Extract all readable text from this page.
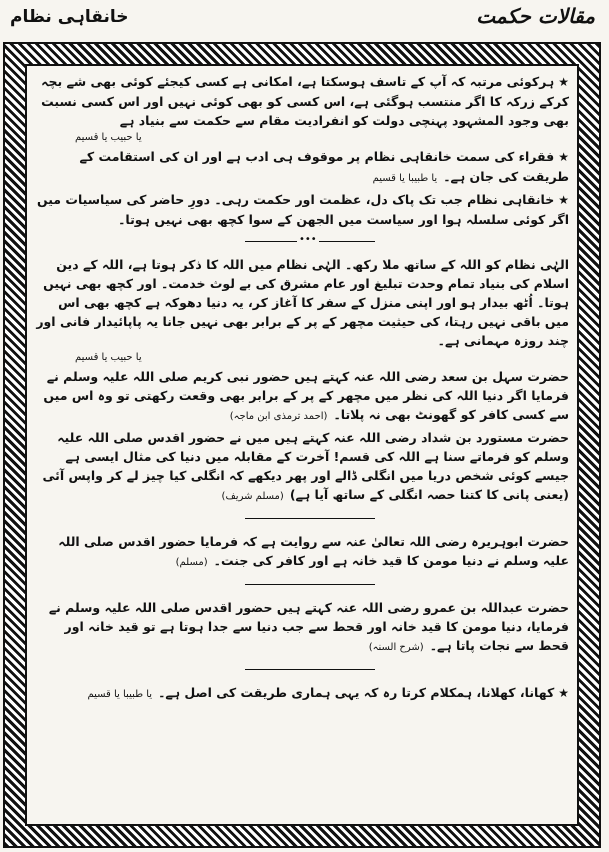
خانقاہی نظام	مقالات حکمت

★ہرکوئی مرتبہ کہ آپ کے تاسف ہوسکتا ہے، امکانی ہے کسی کیجئے کوئی بھی شے بچہ کرکے زرکہ کا اگر منتسب ہوگئی ہے، اس کسی کو بھی کوئی نہیں اور اس کسی نسبت بھی وجود المشہود پہنچی دولت کو انفرادیت مقام سے حکمت سے بنیاد ہے

یا حبیب یا قسیم

★فقراء کی سمت خانقاہی نظام پر موقوف ہی ادب ہے اور ان کی استقامت کے طریقت کی جان ہے۔یا طبیبا یا قسیم

★خانقاہی نظام جب تک پاک دل، عظمت اور حکمت رہی۔ دورِ حاضر کی سیاسیات میں اگر کوئی سلسلہ ہوا اور سیاست میں الجھن کے سوا کچھ بھی نہیں ہوتا۔

•••

الہٰی نظام کو اللہ کے ساتھ ملا رکھ۔ الہٰی نظام میں اللہ کا ذکر ہوتا ہے، اللہ کے دین اسلام کی بنیاد تمام وحدت تبلیغ اور عام مشرق کی بے لوث خدمت۔ اور کچھ بھی نہیں ہوتا۔ اُٹھ بیدار ہو اور اپنی منزل کے سفر کا آغاز کر، یہ دنیا دھوکہ ہے کچھ بھی اس میں باقی نہیں رہتا، کی حیثیت مچھر کے پر کے برابر بھی نہیں جانا یہ پاپائیدار فانی اور چند روزہ مہمانی ہے۔

یا حبیب یا قسیم

حضرت سہل بن سعد رضی اللہ عنہ کہتے ہیں حضور نبی کریم صلی اللہ علیہ وسلم نے فرمایا اگر دنیا اللہ کی نظر میں مچھر کے پر کے برابر بھی وقعت رکھتی تو وہ اس میں سے کسی کافر کو گھونٹ بھی نہ پلاتا۔(احمد ترمذی ابن ماجہ)

حضرت مستورد بن شداد رضی اللہ عنہ کہتے ہیں میں نے حضور اقدس صلی اللہ علیہ وسلم کو فرماتے سنا ہے اللہ کی قسم! آخرت کے مقابلہ میں دنیا کی مثال ایسی ہے جیسے کوئی شخص دریا میں انگلی ڈالے اور پھر دیکھے کہ انگلی کیا چیز لے کر واپس آئی (یعنی پانی کا کتنا حصہ انگلی کے ساتھ آیا ہے)(مسلم شریف)

حضرت ابوہریرہ رضی اللہ تعالیٰ عنہ سے روایت ہے کہ فرمایا حضور اقدس صلی اللہ علیہ وسلم نے دنیا مومن کا قید خانہ ہے اور کافر کی جنت۔(مسلم)

حضرت عبداللہ بن عمرو رضی اللہ عنہ کہتے ہیں حضور اقدس صلی اللہ علیہ وسلم نے فرمایا، دنیا مومن کا قید خانہ اور قحط سے جب دنیا سے جدا ہوتا ہے تو قید خانہ اور قحط سے نجات پاتا ہے۔(شرح السنہ)

★کھانا، کھلانا، ہمکلام کرتا رہ کہ یہی ہماری طریقت کی اصل ہے۔یا طبیبا یا قسیم
